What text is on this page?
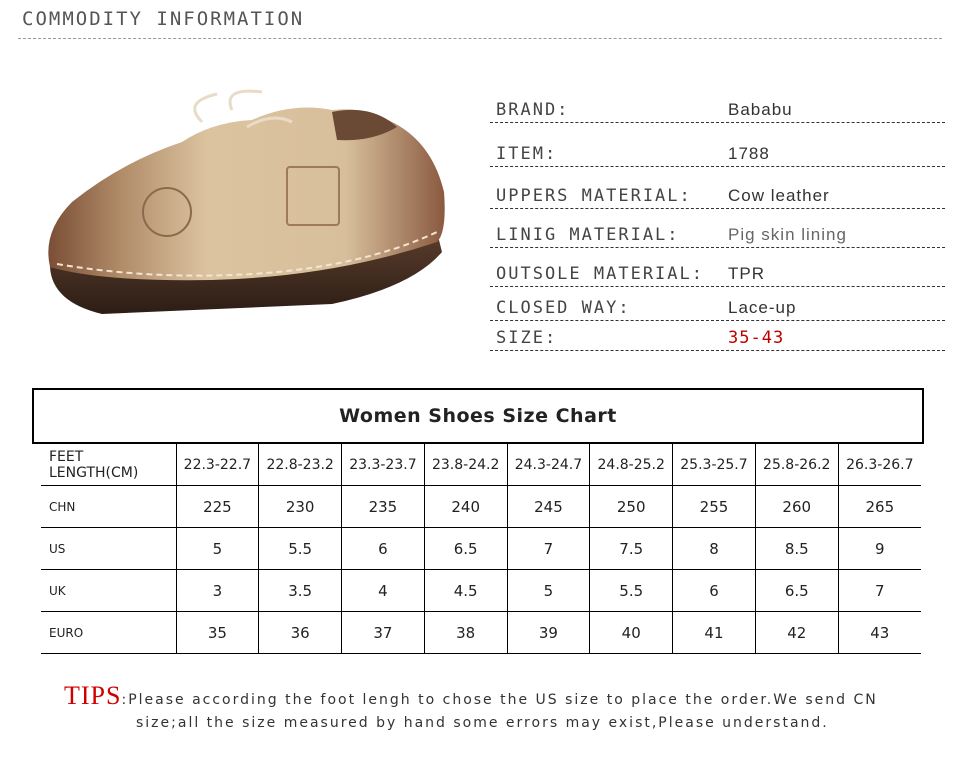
COMMODITY INFORMATION
BRAND:	Bababu
ITEM:	1788
UPPERS MATERIAL: Cow leather
LINIG MATERIAL:	Pig skin lining
OUTSOLE MATERIAL: TPR
CLOSED WAY:	Lace-up
SIZE:	35-43
Women Shoes Size Chart
FEET LENGTH(CM)	22.3-22.7	22.8-23.2	23.3-23.7	23.8-24.2	24.3-24.7	24.8-25.2	25.3-25.7	25.8-26.2	26.3-26.7
CHN	225	230	235	240	245	250	255	260	265
US	5	5.5	6	6.5	7	7.5	8	8.5	9
UK	3	3.5	4	4.5	5	5.5	6	6.5	7
EURO	35	36	37	38	39	40	41	42	43
TIPS:Please according the foot lengh to chose the US size to place the order.We send CN
size;all the size measured by hand some errors may exist,Please understand.
